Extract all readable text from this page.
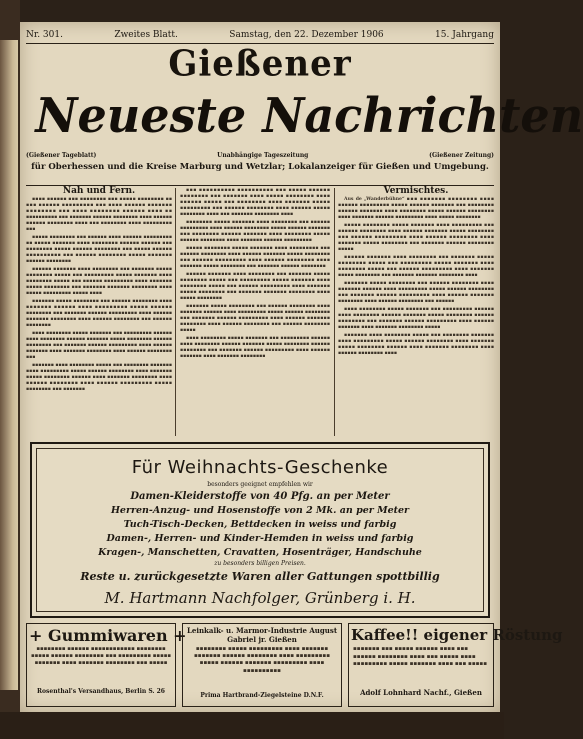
Nr. 301.	Zweites Blatt.	Samstag, den 22. Dezember 1906	15. Jahrgang
Gießener
Neueste Nachrichten
(Gießener Tageblatt)	Unabhängige Tageszeitung	(Gießener Zeitung)
für Oberhessen und die Kreise Marburg und Wetzlar; Lokalanzeiger für Gießen und Umgebung.
Nah und Fern.

▪▪▪▪ ▪▪▪▪▪▪ ▪▪▪ ▪▪▪▪▪▪▪▪ ▪▪▪ ▪▪▪▪▪ ▪▪▪▪▪▪▪▪ ▪▪ ▪▪▪ ▪▪▪▪▪▪ ▪▪▪▪▪▪▪▪▪ ▪▪▪ ▪▪▪▪ ▪▪▪▪▪▪ ▪▪▪▪▪▪▪ ▪▪▪▪▪▪▪▪ ▪▪▪ ▪▪▪▪ ▪▪▪▪▪▪▪▪ ▪▪▪▪▪▪ ▪▪▪▪ ▪▪ ▪▪▪▪▪▪▪▪▪▪ ▪▪▪ ▪▪▪▪▪▪▪ ▪▪▪▪▪▪ ▪▪▪▪▪▪▪▪ ▪▪▪▪ ▪▪▪▪▪▪ ▪▪▪▪▪▪ ▪▪▪▪▪▪▪▪ ▪▪▪▪ ▪▪▪ ▪▪▪▪▪▪▪▪ ▪▪▪▪ ▪▪▪▪▪▪▪▪▪ ▪▪▪

▪▪▪▪▪ ▪▪▪▪▪▪▪▪ ▪▪▪ ▪▪▪▪▪▪ ▪▪▪▪ ▪▪▪▪▪▪ ▪▪▪▪▪▪▪▪▪ ▪▪ ▪▪▪▪▪ ▪▪▪▪▪▪▪ ▪▪▪▪ ▪▪▪▪▪▪▪▪ ▪▪▪▪▪▪ ▪▪▪▪▪▪ ▪▪▪ ▪▪▪▪▪▪▪▪ ▪▪▪▪▪ ▪▪▪▪▪▪ ▪▪▪▪▪▪▪▪ ▪▪▪ ▪▪▪▪▪ ▪▪▪▪▪▪ ▪▪▪▪▪▪▪▪▪▪ ▪▪▪ ▪▪▪▪▪▪ ▪▪▪▪▪▪▪▪ ▪▪▪▪▪ ▪▪▪▪▪▪▪ ▪▪▪▪▪▪ ▪▪▪▪▪▪▪▪

▪▪▪▪▪▪ ▪▪▪▪▪▪▪ ▪▪▪▪ ▪▪▪▪▪▪▪▪ ▪▪▪ ▪▪▪▪▪▪▪ ▪▪▪▪▪ ▪▪▪▪▪▪▪▪ ▪▪▪▪▪ ▪▪▪ ▪▪▪▪▪▪▪▪▪ ▪▪▪▪▪ ▪▪▪▪▪▪▪ ▪▪▪▪ ▪▪▪▪▪▪▪▪ ▪▪▪▪▪ ▪▪▪ ▪▪▪▪▪▪ ▪▪▪▪▪▪▪▪▪ ▪▪▪▪ ▪▪▪▪▪▪▪ ▪▪▪▪▪ ▪▪▪▪▪▪▪▪ ▪▪▪ ▪▪▪▪▪▪▪ ▪▪▪▪▪▪▪ ▪▪▪▪▪▪▪▪ ▪▪▪▪ ▪▪▪▪▪ ▪▪▪▪▪▪▪▪▪ ▪▪▪▪▪ ▪▪▪▪

▪▪▪▪▪▪▪ ▪▪▪▪▪ ▪▪▪▪▪▪▪▪ ▪▪▪ ▪▪▪▪▪▪ ▪▪▪▪▪▪▪▪ ▪▪▪▪ ▪▪▪▪▪▪▪ ▪▪▪▪▪▪ ▪▪▪▪ ▪▪▪▪▪▪▪▪▪ ▪▪▪▪▪ ▪▪▪▪▪▪ ▪▪▪▪▪▪▪▪ ▪▪▪ ▪▪▪▪▪▪▪ ▪▪▪▪▪▪ ▪▪▪▪▪▪▪▪▪ ▪▪▪▪ ▪▪▪▪▪▪ ▪▪▪▪▪▪▪ ▪▪▪▪▪▪▪▪ ▪▪▪▪ ▪▪▪▪▪▪ ▪▪▪▪▪▪▪▪ ▪▪▪ ▪▪▪▪▪▪ ▪▪▪▪▪▪▪▪

▪▪▪▪ ▪▪▪▪▪▪▪▪ ▪▪▪▪▪ ▪▪▪▪▪▪▪ ▪▪▪ ▪▪▪▪▪▪▪▪▪ ▪▪▪▪▪▪ ▪▪▪▪ ▪▪▪▪▪▪▪▪ ▪▪▪▪▪▪ ▪▪▪▪▪▪▪ ▪▪▪▪▪ ▪▪▪▪▪▪▪▪ ▪▪▪▪▪▪ ▪▪▪▪▪▪▪▪ ▪▪▪ ▪▪▪▪▪▪▪ ▪▪▪▪▪▪ ▪▪▪▪▪▪▪▪▪ ▪▪▪▪ ▪▪▪▪▪▪ ▪▪▪▪▪▪▪ ▪▪▪▪ ▪▪▪▪▪▪▪ ▪▪▪▪▪▪▪▪ ▪▪▪▪ ▪▪▪▪▪▪ ▪▪▪▪▪▪▪▪ ▪▪▪

▪▪▪▪▪▪▪ ▪▪▪▪ ▪▪▪▪▪▪▪▪ ▪▪▪▪▪ ▪▪▪ ▪▪▪▪▪▪▪▪ ▪▪▪▪▪▪▪ ▪▪▪▪ ▪▪▪▪▪▪▪▪▪ ▪▪▪▪▪ ▪▪▪▪▪▪ ▪▪▪▪▪▪▪▪ ▪▪▪▪ ▪▪▪▪▪▪▪ ▪▪▪▪▪ ▪▪▪▪▪▪▪▪ ▪▪▪▪▪▪ ▪▪▪▪ ▪▪▪▪▪▪▪ ▪▪▪▪▪▪▪▪ ▪▪▪▪ ▪▪▪▪▪▪ ▪▪▪▪▪▪▪▪ ▪▪▪▪ ▪▪▪▪▪▪ ▪▪▪▪▪▪▪▪▪ ▪▪▪▪▪ ▪▪▪▪▪▪▪▪ ▪▪▪ ▪▪▪▪▪▪▪

▪▪▪ ▪▪▪▪▪▪▪▪▪▪ ▪▪▪▪▪▪▪▪▪▪ ▪▪▪ ▪▪▪▪▪ ▪▪▪▪▪▪ ▪▪▪▪▪▪▪▪ ▪▪▪ ▪▪▪▪▪▪▪ ▪▪▪▪ ▪▪▪▪▪ ▪▪▪▪▪▪▪▪ ▪▪▪▪ ▪▪▪▪▪▪ ▪▪▪▪▪ ▪▪▪ ▪▪▪▪▪▪▪▪ ▪▪▪▪ ▪▪▪▪▪▪▪ ▪▪▪▪▪ ▪▪▪▪▪▪▪▪▪ ▪▪▪ ▪▪▪▪▪▪ ▪▪▪▪▪▪▪▪ ▪▪▪▪ ▪▪▪▪▪▪ ▪▪▪▪▪ ▪▪▪▪▪▪▪▪ ▪▪▪▪ ▪▪▪ ▪▪▪▪▪▪▪ ▪▪▪▪▪▪▪▪ ▪▪▪▪

▪▪▪▪▪▪▪▪ ▪▪▪▪▪ ▪▪▪▪▪▪▪ ▪▪▪▪ ▪▪▪▪▪▪▪▪ ▪▪▪ ▪▪▪▪▪▪ ▪▪▪▪▪▪▪▪▪ ▪▪▪▪ ▪▪▪▪▪▪ ▪▪▪▪▪▪▪▪ ▪▪▪▪▪ ▪▪▪▪▪▪ ▪▪▪▪▪▪▪ ▪▪▪ ▪▪▪▪▪▪▪▪ ▪▪▪▪▪▪ ▪▪▪▪▪▪▪ ▪▪▪▪ ▪▪▪▪▪▪▪▪ ▪▪▪▪▪ ▪▪▪▪▪▪ ▪▪▪▪▪▪▪▪ ▪▪▪▪ ▪▪▪▪▪▪▪ ▪▪▪▪▪▪ ▪▪▪▪▪▪▪▪▪

▪▪▪▪▪ ▪▪▪▪▪▪▪▪ ▪▪▪▪▪ ▪▪▪▪▪▪▪ ▪▪▪▪ ▪▪▪▪▪▪▪▪▪ ▪▪▪ ▪▪▪▪▪▪ ▪▪▪▪▪▪▪▪ ▪▪▪▪ ▪▪▪▪▪▪ ▪▪▪▪▪▪▪ ▪▪▪▪▪ ▪▪▪▪▪▪▪▪ ▪▪▪ ▪▪▪▪▪▪ ▪▪▪▪▪▪▪▪▪ ▪▪▪▪ ▪▪▪▪▪▪ ▪▪▪▪▪▪▪▪ ▪▪▪▪ ▪▪▪▪▪▪▪ ▪▪▪▪▪ ▪▪▪▪▪▪▪▪ ▪▪▪ ▪▪▪▪▪▪▪ ▪▪▪▪▪▪ ▪▪▪▪▪▪▪▪

▪▪▪▪▪▪ ▪▪▪▪▪▪▪ ▪▪▪▪ ▪▪▪▪▪▪▪▪ ▪▪▪ ▪▪▪▪▪▪▪ ▪▪▪▪▪ ▪▪▪▪▪▪▪▪ ▪▪▪▪▪ ▪▪▪ ▪▪▪▪▪▪▪▪▪ ▪▪▪▪▪ ▪▪▪▪▪▪▪ ▪▪▪▪ ▪▪▪▪▪▪▪▪ ▪▪▪▪▪ ▪▪▪ ▪▪▪▪▪▪ ▪▪▪▪▪▪▪▪▪ ▪▪▪▪ ▪▪▪▪▪▪▪ ▪▪▪▪▪ ▪▪▪▪▪▪▪▪ ▪▪▪ ▪▪▪▪▪▪▪ ▪▪▪▪▪▪▪ ▪▪▪▪▪▪▪▪ ▪▪▪▪ ▪▪▪▪▪ ▪▪▪▪▪▪▪▪

▪▪▪▪▪▪▪ ▪▪▪▪▪ ▪▪▪▪▪▪▪▪ ▪▪▪ ▪▪▪▪▪▪ ▪▪▪▪▪▪▪▪ ▪▪▪▪ ▪▪▪▪▪▪▪ ▪▪▪▪▪▪ ▪▪▪▪ ▪▪▪▪▪▪▪▪▪ ▪▪▪▪▪ ▪▪▪▪▪▪ ▪▪▪▪▪▪▪▪ ▪▪▪ ▪▪▪▪▪▪▪ ▪▪▪▪▪▪ ▪▪▪▪▪▪▪▪▪ ▪▪▪▪ ▪▪▪▪▪▪ ▪▪▪▪▪▪▪ ▪▪▪▪▪▪▪▪ ▪▪▪▪ ▪▪▪▪▪▪ ▪▪▪▪▪▪▪▪ ▪▪▪ ▪▪▪▪▪▪ ▪▪▪▪▪▪▪▪ ▪▪▪▪▪

▪▪▪▪ ▪▪▪▪▪▪▪▪ ▪▪▪▪▪ ▪▪▪▪▪▪▪ ▪▪▪ ▪▪▪▪▪▪▪▪▪ ▪▪▪▪▪▪ ▪▪▪▪ ▪▪▪▪▪▪▪▪ ▪▪▪▪▪▪ ▪▪▪▪▪▪▪ ▪▪▪▪▪ ▪▪▪▪▪▪▪▪ ▪▪▪▪▪▪ ▪▪▪▪▪▪▪▪ ▪▪▪ ▪▪▪▪▪▪▪ ▪▪▪▪▪▪ ▪▪▪▪▪▪▪▪▪ ▪▪▪▪ ▪▪▪▪▪▪ ▪▪▪▪▪▪▪ ▪▪▪▪ ▪▪▪▪▪▪▪ ▪▪▪▪▪▪▪▪

Vermischtes.

Aus de „Wanderbühne“ ▪▪▪ ▪▪▪▪▪▪▪ ▪▪▪▪▪▪▪▪ ▪▪▪▪ ▪▪▪▪▪▪ ▪▪▪▪▪▪▪▪▪ ▪▪▪▪▪ ▪▪▪▪▪▪ ▪▪▪▪▪▪▪ ▪▪▪ ▪▪▪▪▪▪▪▪ ▪▪▪▪▪▪ ▪▪▪▪▪▪▪ ▪▪▪▪ ▪▪▪▪▪▪▪▪ ▪▪▪▪▪ ▪▪▪▪▪▪ ▪▪▪▪▪▪▪▪ ▪▪▪▪ ▪▪▪▪▪▪▪ ▪▪▪▪▪▪ ▪▪▪▪▪▪▪▪▪ ▪▪▪▪ ▪▪▪▪▪ ▪▪▪▪▪▪▪▪

▪▪▪▪▪ ▪▪▪▪▪▪▪▪ ▪▪▪▪▪ ▪▪▪▪▪▪▪ ▪▪▪▪ ▪▪▪▪▪▪▪▪▪ ▪▪▪ ▪▪▪▪▪▪ ▪▪▪▪▪▪▪▪ ▪▪▪▪ ▪▪▪▪▪▪ ▪▪▪▪▪▪▪ ▪▪▪▪▪ ▪▪▪▪▪▪▪▪ ▪▪▪ ▪▪▪▪▪▪ ▪▪▪▪▪▪▪▪▪ ▪▪▪▪ ▪▪▪▪▪▪ ▪▪▪▪▪▪▪▪ ▪▪▪▪ ▪▪▪▪▪▪▪ ▪▪▪▪▪ ▪▪▪▪▪▪▪▪ ▪▪▪ ▪▪▪▪▪▪▪ ▪▪▪▪▪▪ ▪▪▪▪▪▪▪▪ ▪▪▪▪▪

▪▪▪▪▪▪ ▪▪▪▪▪▪▪ ▪▪▪▪ ▪▪▪▪▪▪▪▪ ▪▪▪ ▪▪▪▪▪▪▪ ▪▪▪▪▪ ▪▪▪▪▪▪▪▪ ▪▪▪▪▪ ▪▪▪ ▪▪▪▪▪▪▪▪▪ ▪▪▪▪▪ ▪▪▪▪▪▪▪ ▪▪▪▪ ▪▪▪▪▪▪▪▪ ▪▪▪▪▪ ▪▪▪ ▪▪▪▪▪▪ ▪▪▪▪▪▪▪▪▪ ▪▪▪▪ ▪▪▪▪▪▪▪ ▪▪▪▪▪ ▪▪▪▪▪▪▪▪ ▪▪▪ ▪▪▪▪▪▪▪ ▪▪▪▪▪▪▪ ▪▪▪▪▪▪▪▪ ▪▪▪▪

▪▪▪▪▪▪▪ ▪▪▪▪▪ ▪▪▪▪▪▪▪▪ ▪▪▪ ▪▪▪▪▪▪ ▪▪▪▪▪▪▪▪ ▪▪▪▪ ▪▪▪▪▪▪▪ ▪▪▪▪▪▪ ▪▪▪▪ ▪▪▪▪▪▪▪▪▪ ▪▪▪▪▪ ▪▪▪▪▪▪ ▪▪▪▪▪▪▪▪ ▪▪▪ ▪▪▪▪▪▪▪ ▪▪▪▪▪▪ ▪▪▪▪▪▪▪▪▪ ▪▪▪▪ ▪▪▪▪▪▪ ▪▪▪▪▪▪▪ ▪▪▪▪▪▪▪▪ ▪▪▪▪ ▪▪▪▪▪▪ ▪▪▪▪▪▪▪▪ ▪▪▪ ▪▪▪▪▪▪

▪▪▪▪ ▪▪▪▪▪▪▪▪ ▪▪▪▪▪ ▪▪▪▪▪▪▪ ▪▪▪ ▪▪▪▪▪▪▪▪▪ ▪▪▪▪▪▪ ▪▪▪▪ ▪▪▪▪▪▪▪▪ ▪▪▪▪▪▪ ▪▪▪▪▪▪▪ ▪▪▪▪▪ ▪▪▪▪▪▪▪▪ ▪▪▪▪▪▪ ▪▪▪▪▪▪▪▪ ▪▪▪ ▪▪▪▪▪▪▪ ▪▪▪▪▪▪ ▪▪▪▪▪▪▪▪▪ ▪▪▪▪ ▪▪▪▪▪▪ ▪▪▪▪▪▪▪ ▪▪▪▪ ▪▪▪▪▪▪▪ ▪▪▪▪▪▪▪▪ ▪▪▪▪▪

▪▪▪▪▪▪▪ ▪▪▪▪ ▪▪▪▪▪▪▪▪ ▪▪▪▪▪ ▪▪▪ ▪▪▪▪▪▪▪▪ ▪▪▪▪▪▪▪ ▪▪▪▪ ▪▪▪▪▪▪▪▪▪ ▪▪▪▪▪ ▪▪▪▪▪▪ ▪▪▪▪▪▪▪▪ ▪▪▪▪ ▪▪▪▪▪▪▪ ▪▪▪▪▪ ▪▪▪▪▪▪▪▪ ▪▪▪▪▪▪ ▪▪▪▪ ▪▪▪▪▪▪▪ ▪▪▪▪▪▪▪▪ ▪▪▪▪ ▪▪▪▪▪▪ ▪▪▪▪▪▪▪▪ ▪▪▪▪

Für Weihnachts-Geschenke
besonders geeignet empfehlen wir
Damen-Kleiderstoffe von 40 Pfg. an per Meter
Herren-Anzug- und Hosenstoffe von 2 Mk. an per Meter
Tuch-Tisch-Decken, Bettdecken in weiss und farbig
Damen-, Herren- und Kinder-Hemden in weiss und farbig
Kragen-, Manschetten, Cravatten, Hosenträger, Handschuhe
zu besonders billigen Preisen.
Reste u. zurückgesetzte Waren aller Gattungen spottbillig
M. Hartmann Nachfolger, Grünberg i. H.
+ Gummiwaren +
▪▪▪▪▪▪▪▪ ▪▪▪▪▪▪ ▪▪▪▪▪▪▪▪▪▪▪▪ ▪▪▪▪▪▪▪▪ ▪▪▪▪▪ ▪▪▪▪▪▪ ▪▪▪▪▪▪▪▪ ▪▪▪ ▪▪▪▪▪▪▪▪▪ ▪▪▪▪▪ ▪▪▪▪▪▪▪ ▪▪▪▪ ▪▪▪▪▪▪▪ ▪▪▪▪▪▪▪▪ ▪▪▪ ▪▪▪▪▪
Rosenthal's Versandhaus, Berlin S. 26
Leinkalk- u. Marmor-Industrie August Gabriel jr. Gießen
▪▪▪▪▪▪▪▪ ▪▪▪▪▪ ▪▪▪▪▪▪▪▪▪ ▪▪▪▪ ▪▪▪▪▪▪▪ ▪▪▪▪▪▪▪ ▪▪▪▪▪▪ ▪▪▪▪▪▪▪▪ ▪▪▪▪ ▪▪▪▪▪▪▪▪▪ ▪▪▪▪▪ ▪▪▪▪▪▪ ▪▪▪▪▪▪▪ ▪▪▪▪▪▪▪▪▪ ▪▪▪▪ ▪▪▪▪▪▪▪▪▪▪
Prima Hartbrand-Ziegelsteine D.N.F.
Kaffee!! eigener Röstung
▪▪▪▪▪▪▪ ▪▪▪ ▪▪▪▪▪ ▪▪▪▪▪▪ ▪▪▪▪ ▪▪▪ ▪▪▪▪▪▪ ▪▪▪▪▪▪▪▪ ▪▪▪▪ ▪▪▪ ▪▪▪▪▪ ▪▪▪▪ ▪▪▪▪▪▪▪▪▪ ▪▪▪▪▪ ▪▪▪▪▪▪▪ ▪▪▪▪ ▪▪▪ ▪▪▪▪▪
Adolf Lohnhard Nachf., Gießen
